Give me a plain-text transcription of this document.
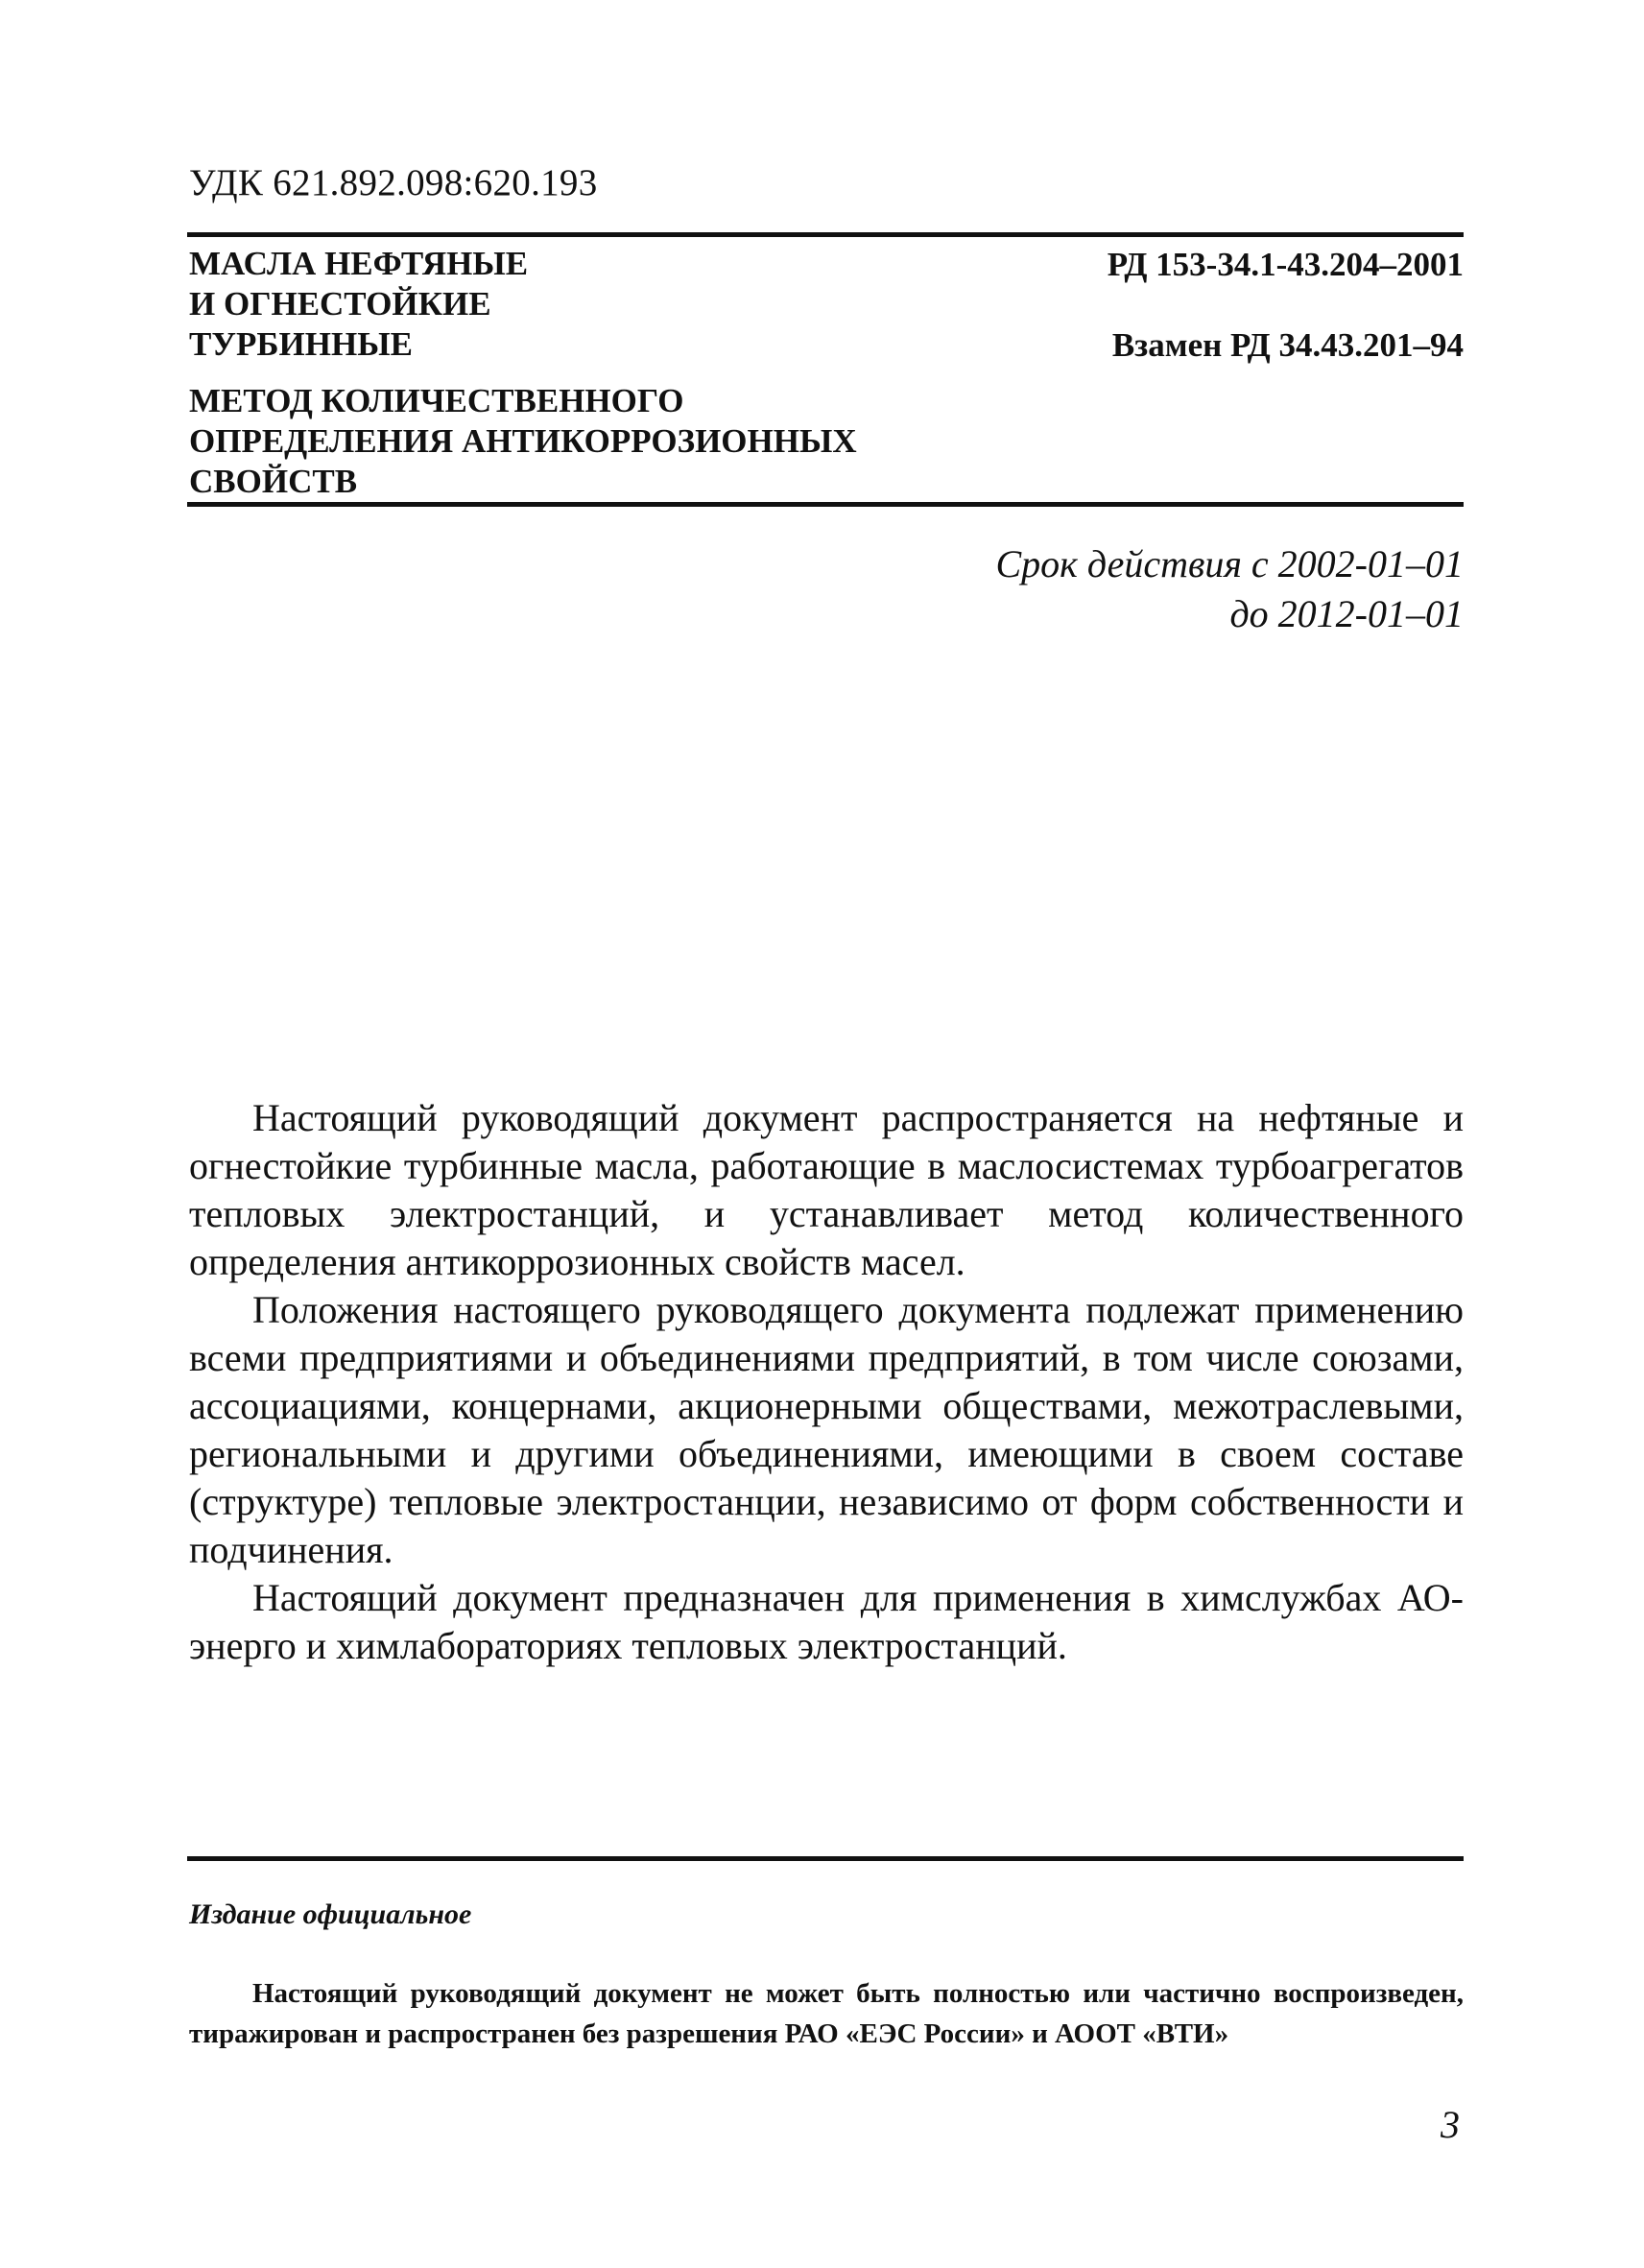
УДК 621.892.098:620.193
МАСЛА НЕФТЯНЫЕ
И ОГНЕСТОЙКИЕ
ТУРБИННЫЕ
РД 153-34.1-43.204–2001
Взамен РД 34.43.201–94
МЕТОД КОЛИЧЕСТВЕННОГО
ОПРЕДЕЛЕНИЯ АНТИКОРРОЗИОННЫХ
СВОЙСТВ
Срок действия с 2002-01–01
до 2012-01–01

Настоящий руководящий документ распространяется на нефтяные и огнестойкие турбинные масла, работающие в маслосистемах турбоагрегатов тепловых электростанций, и устанавливает метод количественного определения антикоррозионных свойств масел.

Положения настоящего руководящего документа подлежат применению всеми предприятиями и объединениями предприятий, в том числе союзами, ассоциациями, концернами, акционерными обществами, межотраслевыми, региональными и другими объединениями, имеющими в своем составе (структуре) тепловые электростанции, независимо от форм собственности и подчинения.

Настоящий документ предназначен для применения в химслужбах АО-энерго и химлабораториях тепловых электростанций.

Издание официальное

Настоящий руководящий документ не может быть полностью или частично воспроизведен, тиражирован и распространен без разрешения РАО «ЕЭС России» и АООТ «ВТИ»

3
